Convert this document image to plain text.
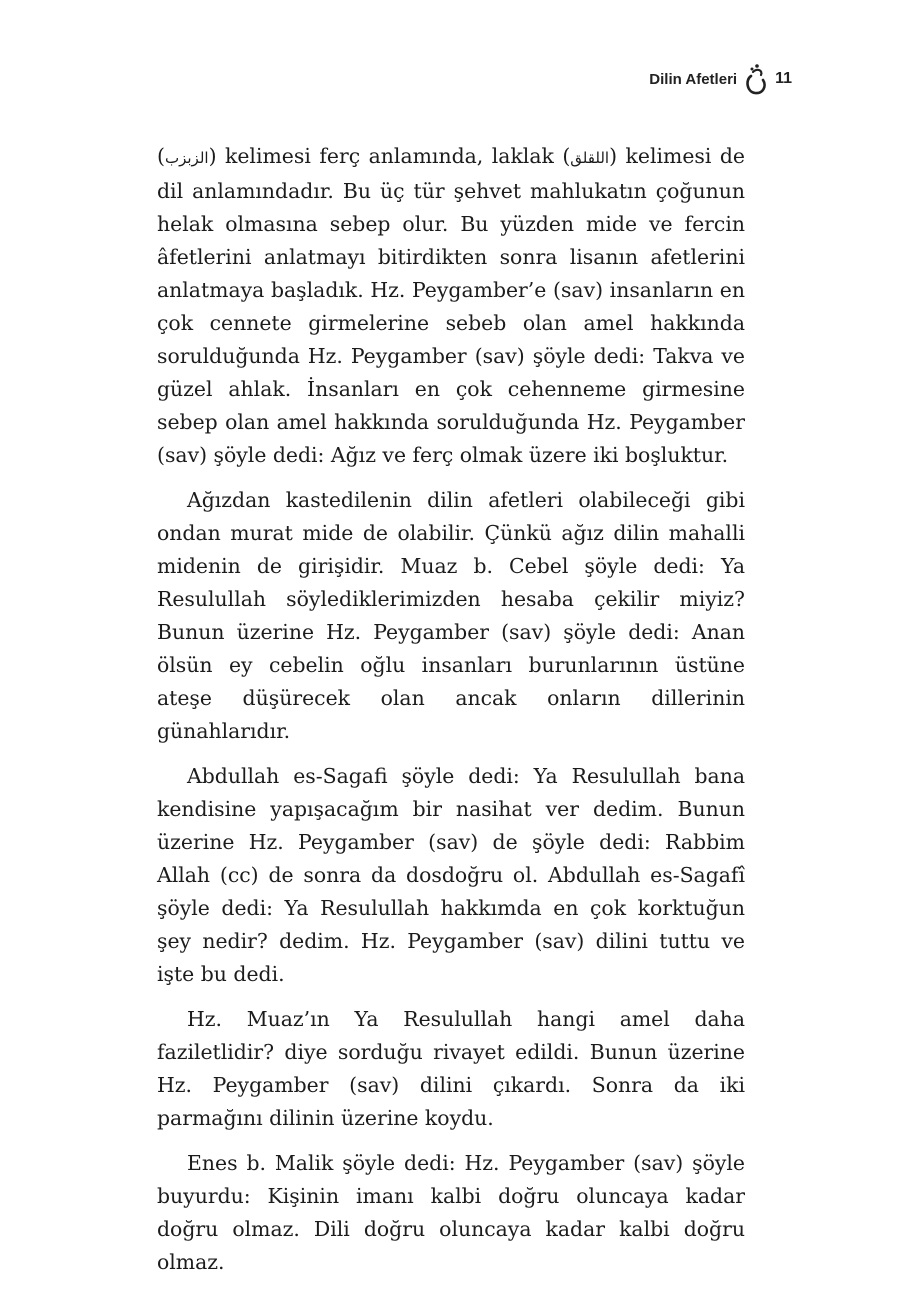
Dilin Afetleri 11

(الزبزب) kelimesi ferç anlamında, laklak (اللقلق) kelimesi de dil anlamındadır. Bu üç tür şehvet mahlukatın çoğunun helak olmasına sebep olur. Bu yüzden mide ve fercin âfetlerini anlatmayı bitirdikten sonra lisanın afetlerini anlatmaya başladık. Hz. Peygamber’e (sav) insanların en çok cennete girmelerine sebeb olan amel hakkında sorulduğunda Hz. Peygamber (sav) şöyle dedi: Takva ve güzel ahlak. İnsanları en çok cehenneme girmesine sebep olan amel hakkında sorulduğunda Hz. Peygamber (sav) şöyle dedi: Ağız ve ferç olmak üzere iki boşluktur.

Ağızdan kastedilenin dilin afetleri olabileceği gibi ondan murat mide de olabilir. Çünkü ağız dilin mahalli midenin de girişidir. Muaz b. Cebel şöyle dedi: Ya Resulullah söylediklerimizden hesaba çekilir miyiz? Bunun üzerine Hz. Peygamber (sav) şöyle dedi: Anan ölsün ey cebelin oğlu insanları burunlarının üstüne ateşe düşürecek olan ancak onların dillerinin günahlarıdır.

Abdullah es-Sagafi şöyle dedi: Ya Resulullah bana kendisine yapışacağım bir nasihat ver dedim. Bunun üzerine Hz. Peygamber (sav) de şöyle dedi: Rabbim Allah (cc) de sonra da dosdoğru ol. Abdullah es-Sagafî şöyle dedi: Ya Resulullah hakkımda en çok korktuğun şey nedir? dedim. Hz. Peygamber (sav) dilini tuttu ve işte bu dedi.

Hz. Muaz’ın Ya Resulullah hangi amel daha faziletlidir? diye sorduğu rivayet edildi. Bunun üzerine Hz. Peygamber (sav) dilini çıkardı. Sonra da iki parmağını dilinin üzerine koydu.

Enes b. Malik şöyle dedi: Hz. Peygamber (sav) şöyle buyurdu: Kişinin imanı kalbi doğru oluncaya kadar doğru olmaz. Dili doğru oluncaya kadar kalbi doğru olmaz.
